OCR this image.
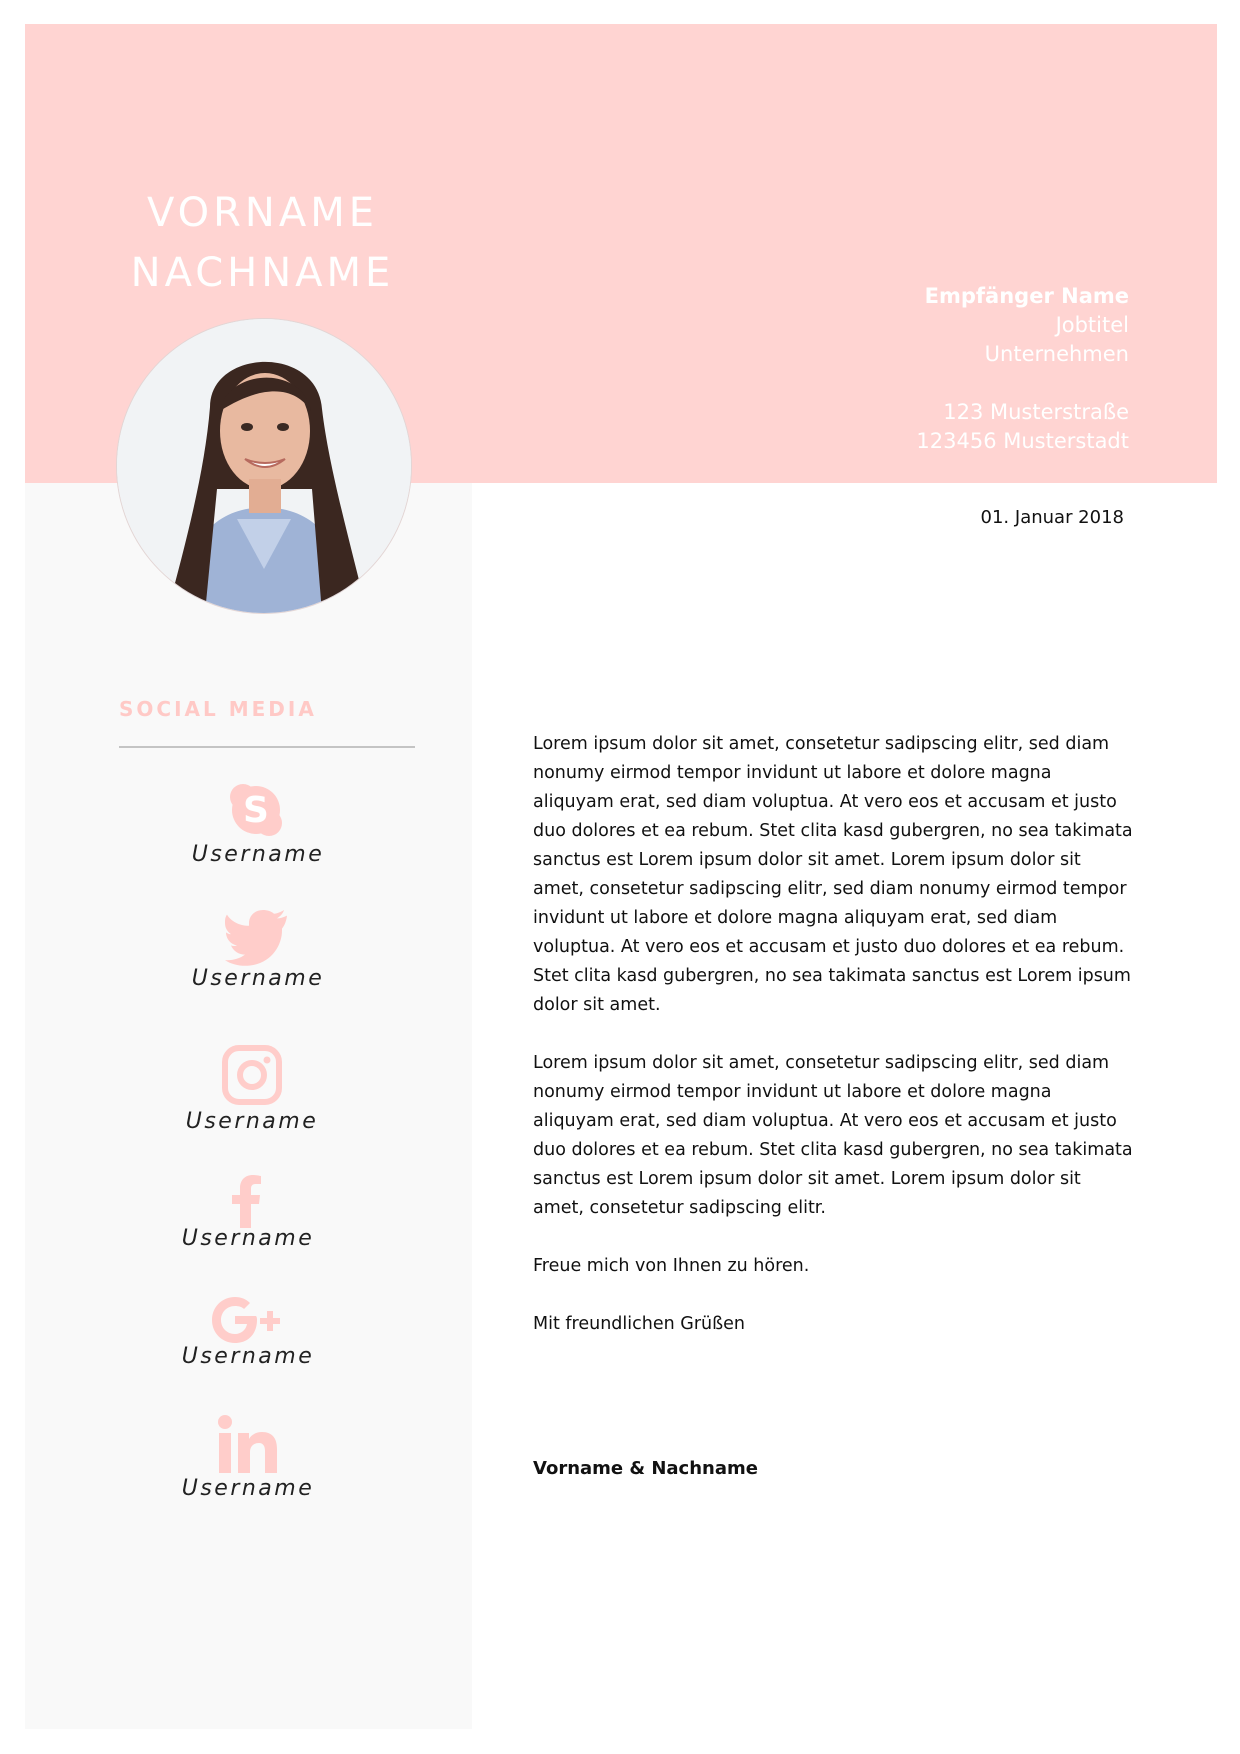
VORNAME
NACHNAME	Empfänger Name
Jobtitel
Unternehmen
123 Musterstraße
123456 Musterstadt
SOCIAL MEDIA
S
Username
Username
Username
Username
Username
Username
01. Januar 2018

Lorem ipsum dolor sit amet, consetetur sadipscing elitr, sed diam nonumy eirmod tempor invidunt ut labore et dolore magna aliquyam erat, sed diam voluptua. At vero eos et accusam et justo duo dolores et ea rebum. Stet clita kasd gubergren, no sea takimata sanctus est Lorem ipsum dolor sit amet. Lorem ipsum dolor sit amet, consetetur sadipscing elitr, sed diam nonumy eirmod tempor invidunt ut labore et dolore magna aliquyam erat, sed diam voluptua. At vero eos et accusam et justo duo dolores et ea rebum. Stet clita kasd gubergren, no sea takimata sanctus est Lorem ipsum dolor sit amet.

Lorem ipsum dolor sit amet, consetetur sadipscing elitr, sed diam nonumy eirmod tempor invidunt ut labore et dolore magna aliquyam erat, sed diam voluptua. At vero eos et accusam et justo duo dolores et ea rebum. Stet clita kasd gubergren, no sea takimata sanctus est Lorem ipsum dolor sit amet. Lorem ipsum dolor sit amet, consetetur sadipscing elitr.

Freue mich von Ihnen zu hören.

Mit freundlichen Grüßen

Vorname & Nachname
